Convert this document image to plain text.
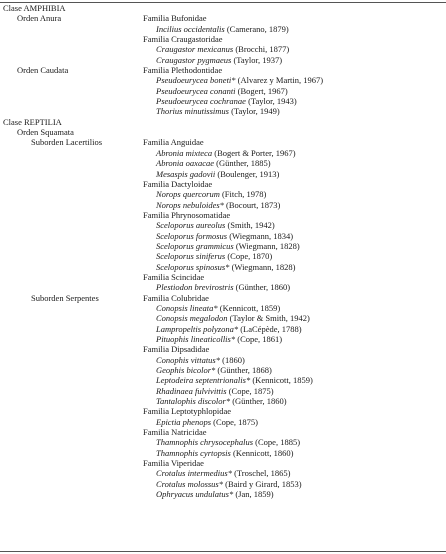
Clase AMPHIBIA
Orden Anura	Familia Bufonidae
Incilius occidentalis (Camerano, 1879)
Familia Craugastoridae
Craugastor mexicanus (Brocchi, 1877)
Craugastor pygmaeus (Taylor, 1937)
Orden Caudata	Familia Plethodontidae
Pseudoeurycea boneti* (Alvarez y Martin, 1967)
Pseudoeurycea conanti (Bogert, 1967)
Pseudoeurycea cochranae (Taylor, 1943)
Thorius minutissimus (Taylor, 1949)
Clase REPTILIA
Orden Squamata
Suborden Lacertilios	Familia Anguidae
Abronia mixteca (Bogert & Porter, 1967)
Abronia oaxacae (Günther, 1885)
Mesaspis gadovii (Boulenger, 1913)
Familia Dactyloidae
Norops quercorum (Fitch, 1978)
Norops nebuloides* (Bocourt, 1873)
Familia Phrynosomatidae
Sceloporus aureolus (Smith, 1942)
Sceloporus formosus (Wiegmann, 1834)
Sceloporus grammicus (Wiegmann, 1828)
Sceloporus siniferus (Cope, 1870)
Sceloporus spinosus* (Wiegmann, 1828)
Familia Scincidae
Plestiodon brevirostris (Günther, 1860)
Suborden Serpentes	Familia Colubridae
Conopsis lineata* (Kennicott, 1859)
Conopsis megalodon (Taylor & Smith, 1942)
Lampropeltis polyzona* (LaCépède, 1788)
Pituophis lineaticollis* (Cope, 1861)
Familia Dipsadidae
Conophis vittatus* (1860)
Geophis bicolor* (Günther, 1868)
Leptodeira septentrionalis* (Kennicott, 1859)
Rhadinaea fulvivittis (Cope, 1875)
Tantalophis discolor* (Günther, 1860)
Familia Leptotyphlopidae
Epictia phenops (Cope, 1875)
Familia Natricidae
Thamnophis chrysocephalus (Cope, 1885)
Thamnophis cyrtopsis (Kennicott, 1860)
Familia Viperidae
Crotalus intermedius* (Troschel, 1865)
Crotalus molossus* (Baird y Girard, 1853)
Ophryacus undulatus* (Jan, 1859)
